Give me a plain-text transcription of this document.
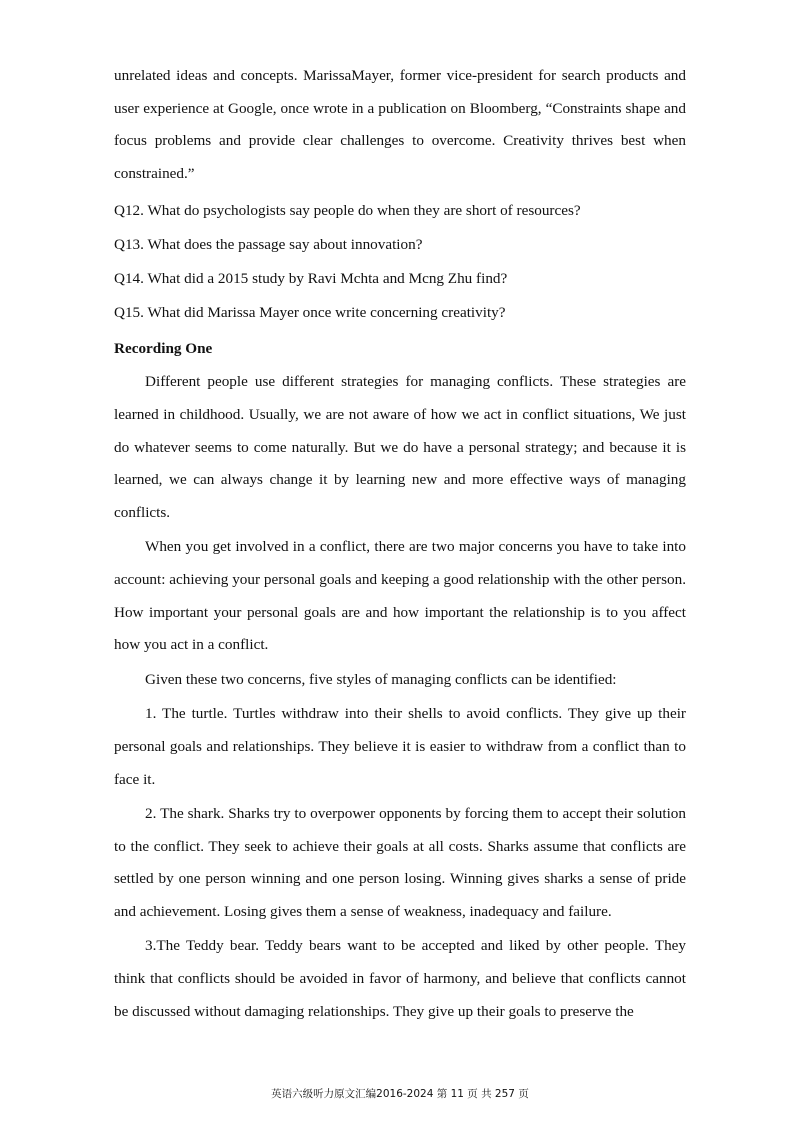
unrelated ideas and concepts. MarissaMayer, former vice-president for search products and user experience at Google, once wrote in a publication on Bloomberg, “Constraints shape and focus problems and provide clear challenges to overcome. Creativity thrives best when constrained.”

Q12. What do psychologists say people do when they are short of resources?

Q13. What does the passage say about innovation?

Q14. What did a 2015 study by Ravi Mchta and Mcng Zhu find?

Q15. What did Marissa Mayer once write concerning creativity?

Recording One

Different people use different strategies for managing conflicts. These strategies are learned in childhood. Usually, we are not aware of how we act in conflict situations, We just do whatever seems to come naturally. But we do have a personal strategy; and because it is learned, we can always change it by learning new and more effective ways of managing conflicts.

When you get involved in a conflict, there are two major concerns you have to take into account: achieving your personal goals and keeping a good relationship with the other person. How important your personal goals are and how important the relationship is to you affect how you act in a conflict.

Given these two concerns, five styles of managing conflicts can be identified:

1. The turtle. Turtles withdraw into their shells to avoid conflicts. They give up their personal goals and relationships. They believe it is easier to withdraw from a conflict than to face it.

2. The shark. Sharks try to overpower opponents by forcing them to accept their solution to the conflict. They seek to achieve their goals at all costs. Sharks assume that conflicts are settled by one person winning and one person losing. Winning gives sharks a sense of pride and achievement. Losing gives them a sense of weakness, inadequacy and failure.

3.The Teddy bear. Teddy bears want to be accepted and liked by other people. They think that conflicts should be avoided in favor of harmony, and believe that conflicts cannot be discussed without damaging relationships. They give up their goals to preserve the

英语六级听力原文汇编2016-2024 第 11 页 共 257 页
